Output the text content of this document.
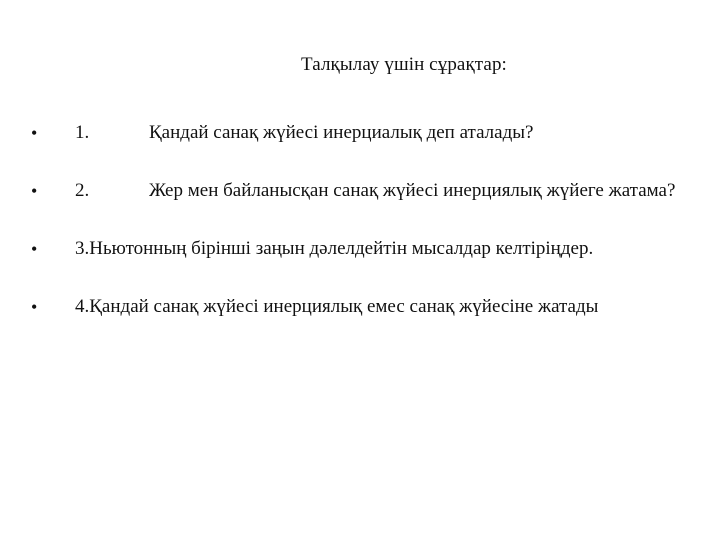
Талқылау үшін сұрақтар:
• 1.	Қандай санақ жүйесі инерциалық деп аталады?
• 2.	Жер мен байланысқан санақ жүйесі инерциялық жүйеге жатама?
• 3.Ньютонның бірінші заңын дәлелдейтін мысалдар келтіріңдер.
• 4.Қандай санақ жүйесі инерциялық емес санақ жүйесіне жатады
